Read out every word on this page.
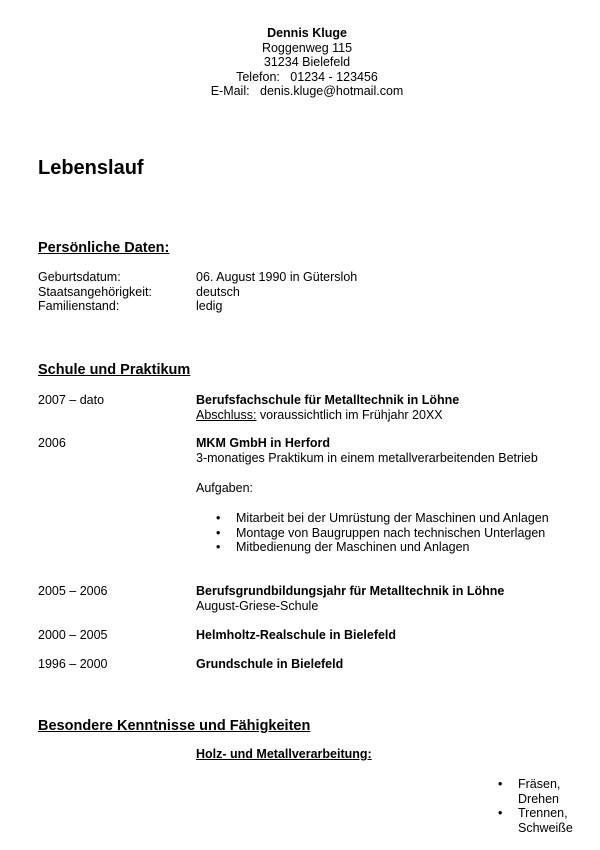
Dennis Kluge
Roggenweg 115
31234 Bielefeld
Telefon:   01234 - 123456
E-Mail:   denis.kluge@hotmail.com
Lebenslauf
Persönliche Daten:
Geburtsdatum:	06. August 1990 in Gütersloh
Staatsangehörigkeit:	deutsch
Familienstand:	ledig
Schule und Praktikum
2007 – dato	Berufsfachschule für Metalltechnik in Löhne
Abschluss: voraussichtlich im Frühjahr 20XX
2006	MKM GmbH in Herford
3-monatiges Praktikum in einem metallverarbeitenden Betrieb
Aufgaben:
• Mitarbeit bei der Umrüstung der Maschinen und Anlagen
• Montage von Baugruppen nach technischen Unterlagen
• Mitbedienung der Maschinen und Anlagen
2005 – 2006	Berufsgrundbildungsjahr für Metalltechnik in Löhne
August-Griese-Schule
2000 – 2005	Helmholtz-Realschule in Bielefeld
1996 – 2000	Grundschule in Bielefeld
Besondere Kenntnisse und Fähigkeiten
Holz- und Metallverarbeitung:
• Fräsen,
Drehen
• Trennen,
Schweiße
